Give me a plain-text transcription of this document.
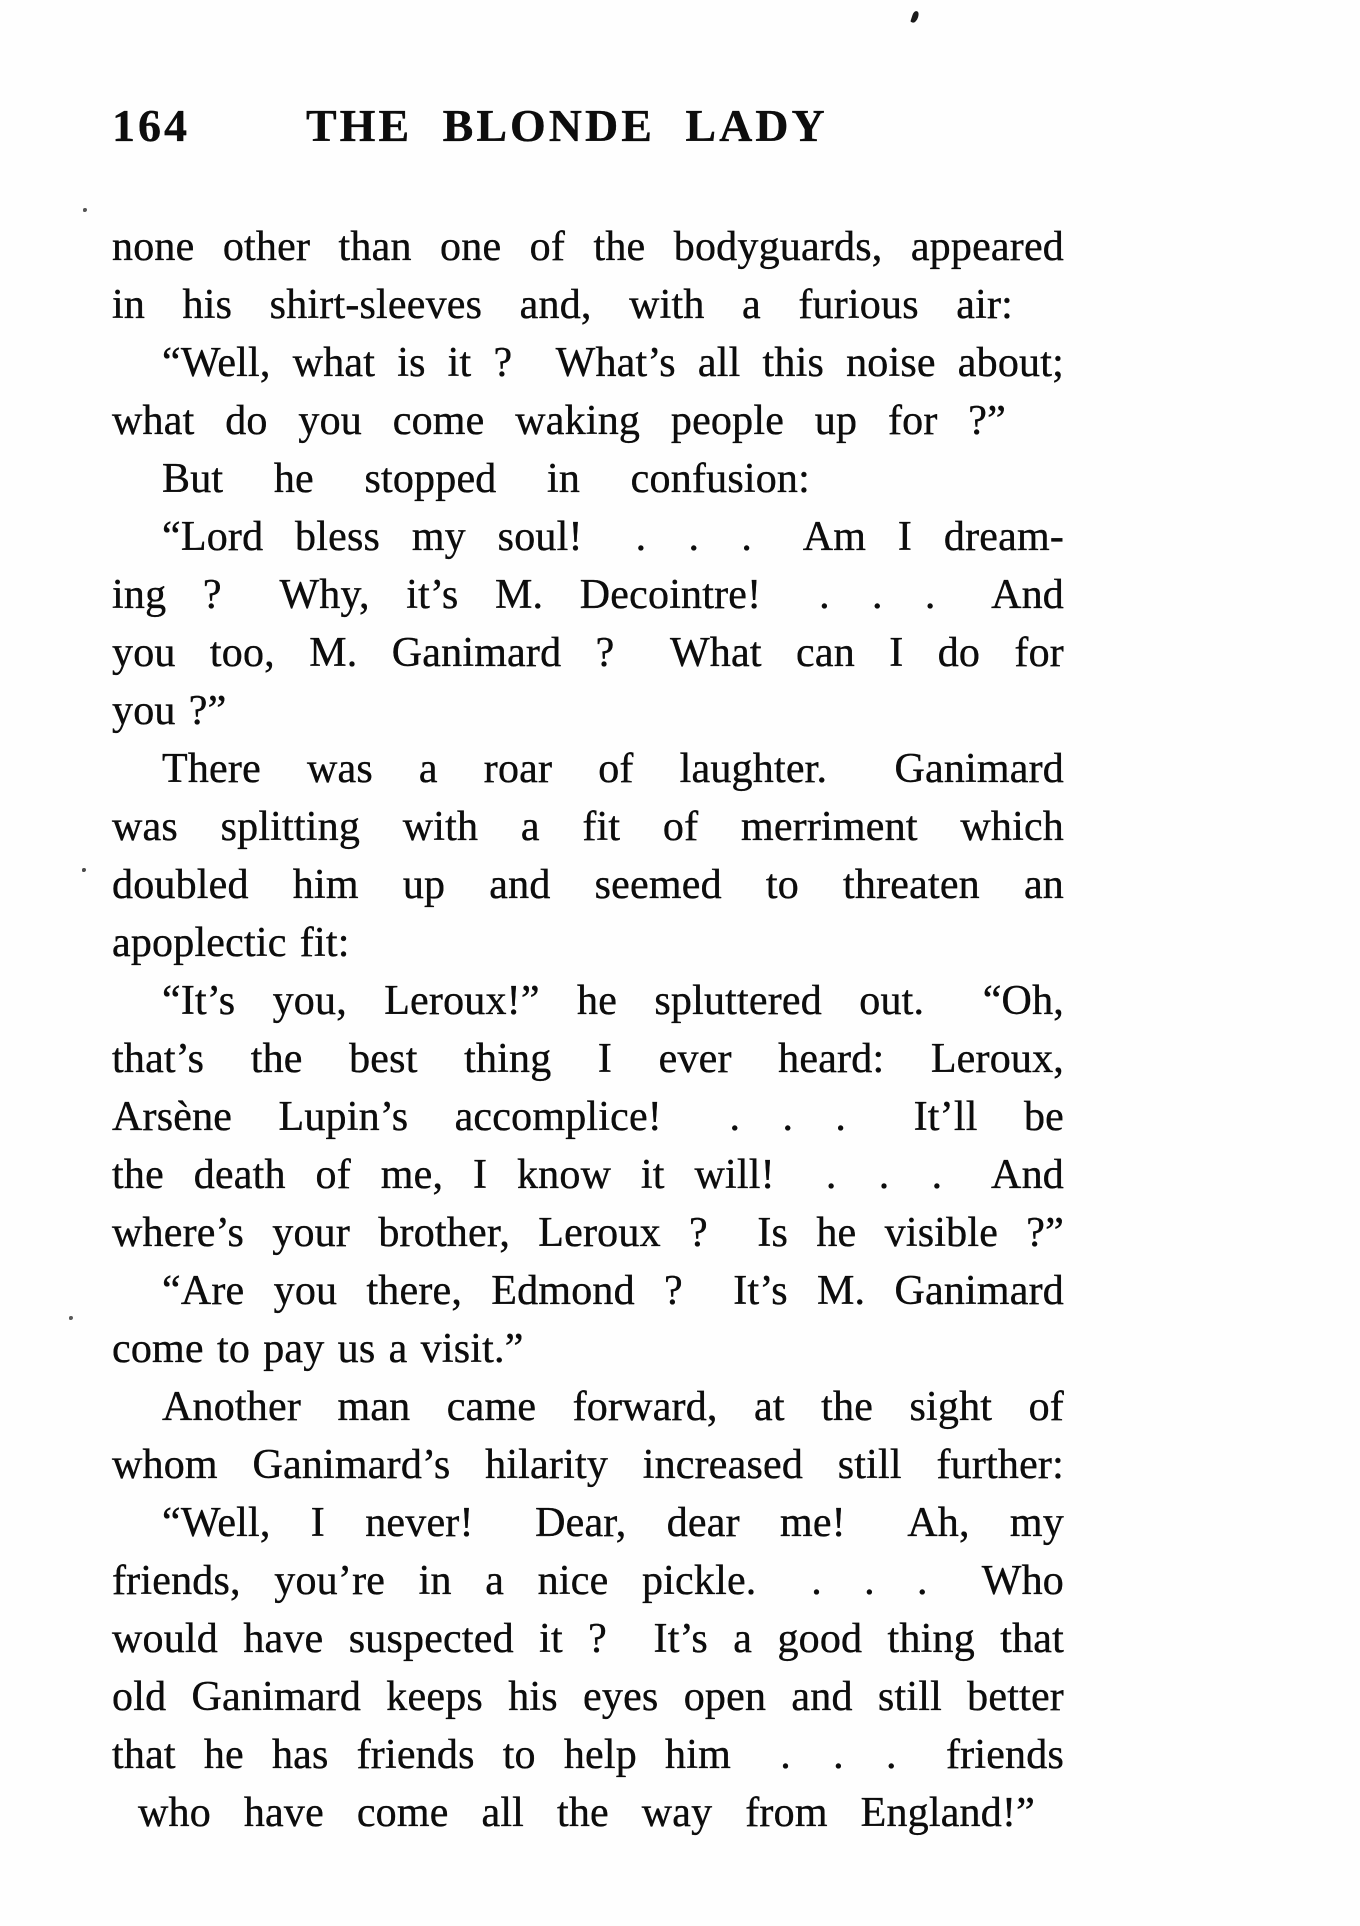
164	THE BLONDE LADY
none other than one of the bodyguards, appeared
in his shirt-sleeves and, with a furious air:
“Well, what is it ?  What’s all this noise about;
what do you come waking people up for ?”
But he stopped in confusion:
“Lord bless my soul!  . . .  Am I dream-
ing ?  Why, it’s M. Decointre!  . . .  And
you too, M. Ganimard ?  What can I do for
you ?”
There was a roar of laughter.  Ganimard
was splitting with a fit of merriment which
doubled him up and seemed to threaten an
apoplectic fit:
“It’s you, Leroux!” he spluttered out.  “Oh,
that’s the best thing I ever heard: Leroux,
Arsène Lupin’s accomplice!  . . .  It’ll be
the death of me, I know it will!  . . .  And
where’s your brother, Leroux ?  Is he visible ?”
“Are you there, Edmond ?  It’s M. Ganimard
come to pay us a visit.”
Another man came forward, at the sight of
whom Ganimard’s hilarity increased still further:
“Well, I never!  Dear, dear me!  Ah, my
friends, you’re in a nice pickle.  . . .  Who
would have suspected it ?  It’s a good thing that
old Ganimard keeps his eyes open and still better
that he has friends to help him  . . .  friends
who have come all the way from England!”
